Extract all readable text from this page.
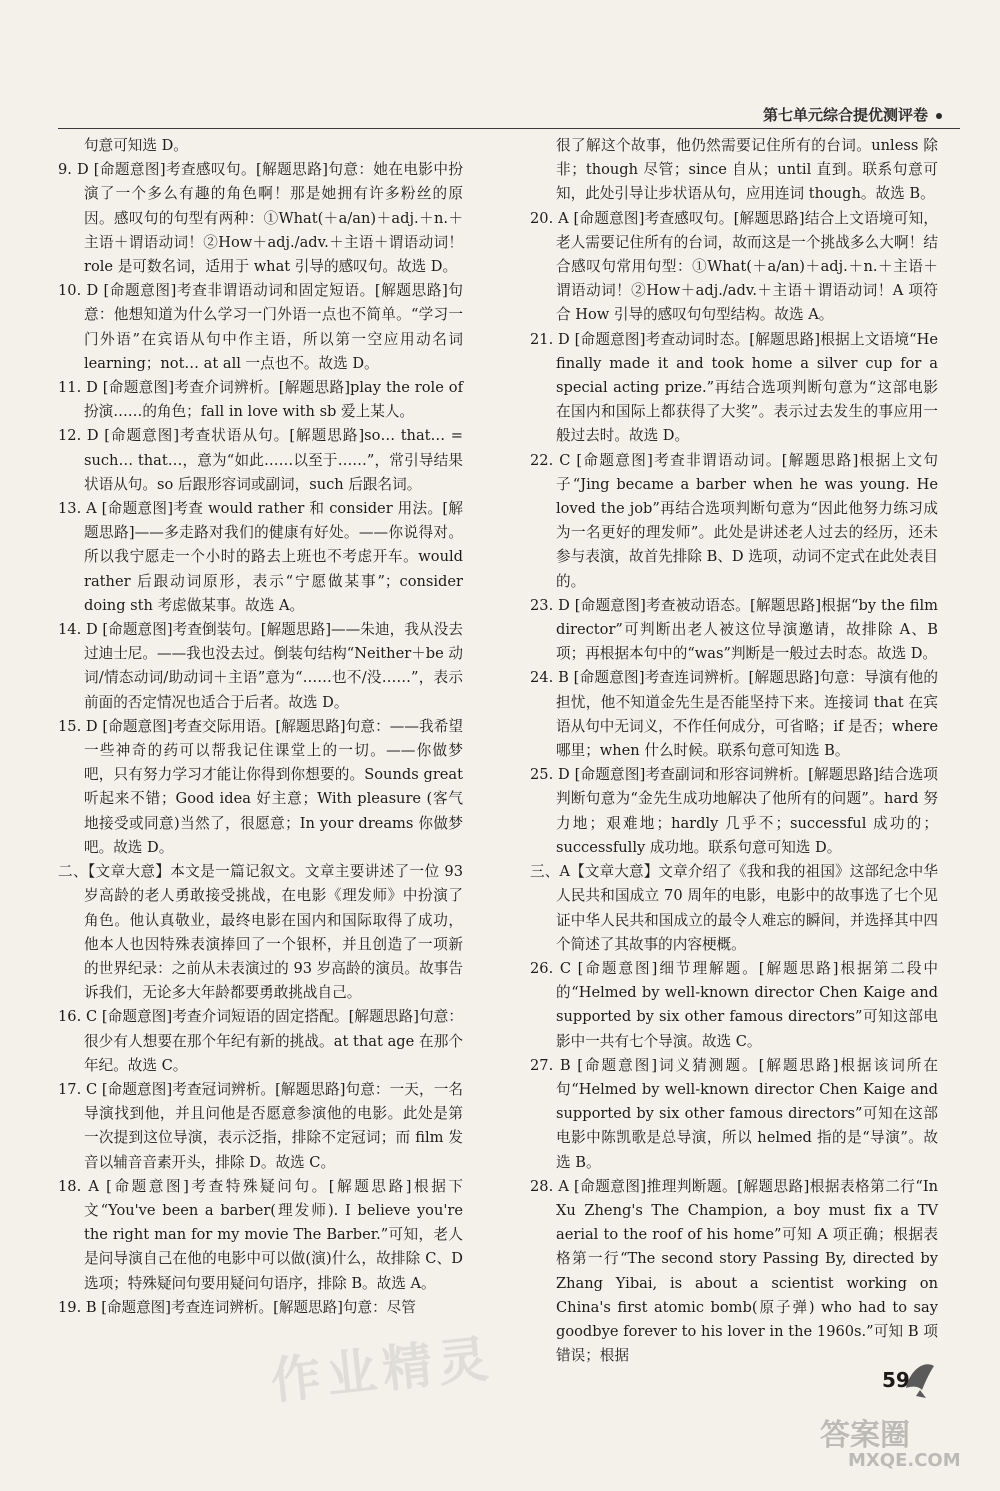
第七单元综合提优测评卷

句意可知选 D。

9. D [命题意图]考查感叹句。[解题思路]句意：她在电影中扮演了一个多么有趣的角色啊！那是她拥有许多粉丝的原因。感叹句的句型有两种：①What(＋a/an)＋adj.＋n.＋主语＋谓语动词！②How＋adj./adv.＋主语＋谓语动词！role 是可数名词，适用于 what 引导的感叹句。故选 D。

10. D [命题意图]考查非谓语动词和固定短语。[解题思路]句意：他想知道为什么学习一门外语一点也不简单。“学习一门外语”在宾语从句中作主语，所以第一空应用动名词 learning；not… at all 一点也不。故选 D。

11. D [命题意图]考查介词辨析。[解题思路]play the role of 扮演……的角色；fall in love with sb 爱上某人。

12. D [命题意图]考查状语从句。[解题思路]so… that… = such… that…，意为“如此……以至于……”，常引导结果状语从句。so 后跟形容词或副词，such 后跟名词。

13. A [命题意图]考查 would rather 和 consider 用法。[解题思路]——多走路对我们的健康有好处。——你说得对。所以我宁愿走一个小时的路去上班也不考虑开车。would rather 后跟动词原形，表示“宁愿做某事”；consider doing sth 考虑做某事。故选 A。

14. D [命题意图]考查倒装句。[解题思路]——朱迪，我从没去过迪士尼。——我也没去过。倒装句结构“Neither＋be 动词/情态动词/助动词＋主语”意为“……也不/没……”，表示前面的否定情况也适合于后者。故选 D。

15. D [命题意图]考查交际用语。[解题思路]句意：——我希望一些神奇的药可以帮我记住课堂上的一切。——你做梦吧，只有努力学习才能让你得到你想要的。Sounds great 听起来不错；Good idea 好主意；With pleasure (客气地接受或同意)当然了，很愿意；In your dreams 你做梦吧。故选 D。

二、【文章大意】本文是一篇记叙文。文章主要讲述了一位 93 岁高龄的老人勇敢接受挑战，在电影《理发师》中扮演了角色。他认真敬业，最终电影在国内和国际取得了成功，他本人也因特殊表演捧回了一个银杯，并且创造了一项新的世界纪录：之前从未表演过的 93 岁高龄的演员。故事告诉我们，无论多大年龄都要勇敢挑战自己。

16. C [命题意图]考查介词短语的固定搭配。[解题思路]句意：很少有人想要在那个年纪有新的挑战。at that age 在那个年纪。故选 C。

17. C [命题意图]考查冠词辨析。[解题思路]句意：一天，一名导演找到他，并且问他是否愿意参演他的电影。此处是第一次提到这位导演，表示泛指，排除不定冠词；而 film 发音以辅音音素开头，排除 D。故选 C。

18. A [命题意图]考查特殊疑问句。[解题思路]根据下文“You've been a barber(理发师). I believe you're the right man for my movie The Barber.”可知，老人是问导演自己在他的电影中可以做(演)什么，故排除 C、D 选项；特殊疑问句要用疑问句语序，排除 B。故选 A。

19. B [命题意图]考查连词辨析。[解题思路]句意：尽管

很了解这个故事，他仍然需要记住所有的台词。unless 除非；though 尽管；since 自从；until 直到。联系句意可知，此处引导让步状语从句，应用连词 though。故选 B。

20. A [命题意图]考查感叹句。[解题思路]结合上文语境可知，老人需要记住所有的台词，故而这是一个挑战多么大啊！结合感叹句常用句型：①What(＋a/an)＋adj.＋n.＋主语＋谓语动词！②How＋adj./adv.＋主语＋谓语动词！A 项符合 How 引导的感叹句句型结构。故选 A。

21. D [命题意图]考查动词时态。[解题思路]根据上文语境“He finally made it and took home a silver cup for a special acting prize.”再结合选项判断句意为“这部电影在国内和国际上都获得了大奖”。表示过去发生的事应用一般过去时。故选 D。

22. C [命题意图]考查非谓语动词。[解题思路]根据上文句子“Jing became a barber when he was young. He loved the job”再结合选项判断句意为“因此他努力练习成为一名更好的理发师”。此处是讲述老人过去的经历，还未参与表演，故首先排除 B、D 选项，动词不定式在此处表目的。

23. D [命题意图]考查被动语态。[解题思路]根据“by the film director”可判断出老人被这位导演邀请，故排除 A、B 项；再根据本句中的“was”判断是一般过去时态。故选 D。

24. B [命题意图]考查连词辨析。[解题思路]句意：导演有他的担忧，他不知道金先生是否能坚持下来。连接词 that 在宾语从句中无词义，不作任何成分，可省略；if 是否；where 哪里；when 什么时候。联系句意可知选 B。

25. D [命题意图]考查副词和形容词辨析。[解题思路]结合选项判断句意为“金先生成功地解决了他所有的问题”。hard 努力地；艰难地；hardly 几乎不；successful 成功的；successfully 成功地。联系句意可知选 D。

三、A【文章大意】文章介绍了《我和我的祖国》这部纪念中华人民共和国成立 70 周年的电影，电影中的故事选了七个见证中华人民共和国成立的最令人难忘的瞬间，并选择其中四个简述了其故事的内容梗概。

26. C [命题意图]细节理解题。[解题思路]根据第二段中的“Helmed by well-known director Chen Kaige and supported by six other famous directors”可知这部电影中一共有七个导演。故选 C。

27. B [命题意图]词义猜测题。[解题思路]根据该词所在句“Helmed by well-known director Chen Kaige and supported by six other famous directors”可知在这部电影中陈凯歌是总导演，所以 helmed 指的是“导演”。故选 B。

28. A [命题意图]推理判断题。[解题思路]根据表格第二行“In Xu Zheng's The Champion, a boy must fix a TV aerial to the roof of his home”可知 A 项正确；根据表格第一行“The second story Passing By, directed by Zhang Yibai, is about a scientist working on China's first atomic bomb(原子弹) who had to say goodbye forever to his lover in the 1960s.”可知 B 项错误；根据

作业精灵	59
答案圈
MXQE.COM
